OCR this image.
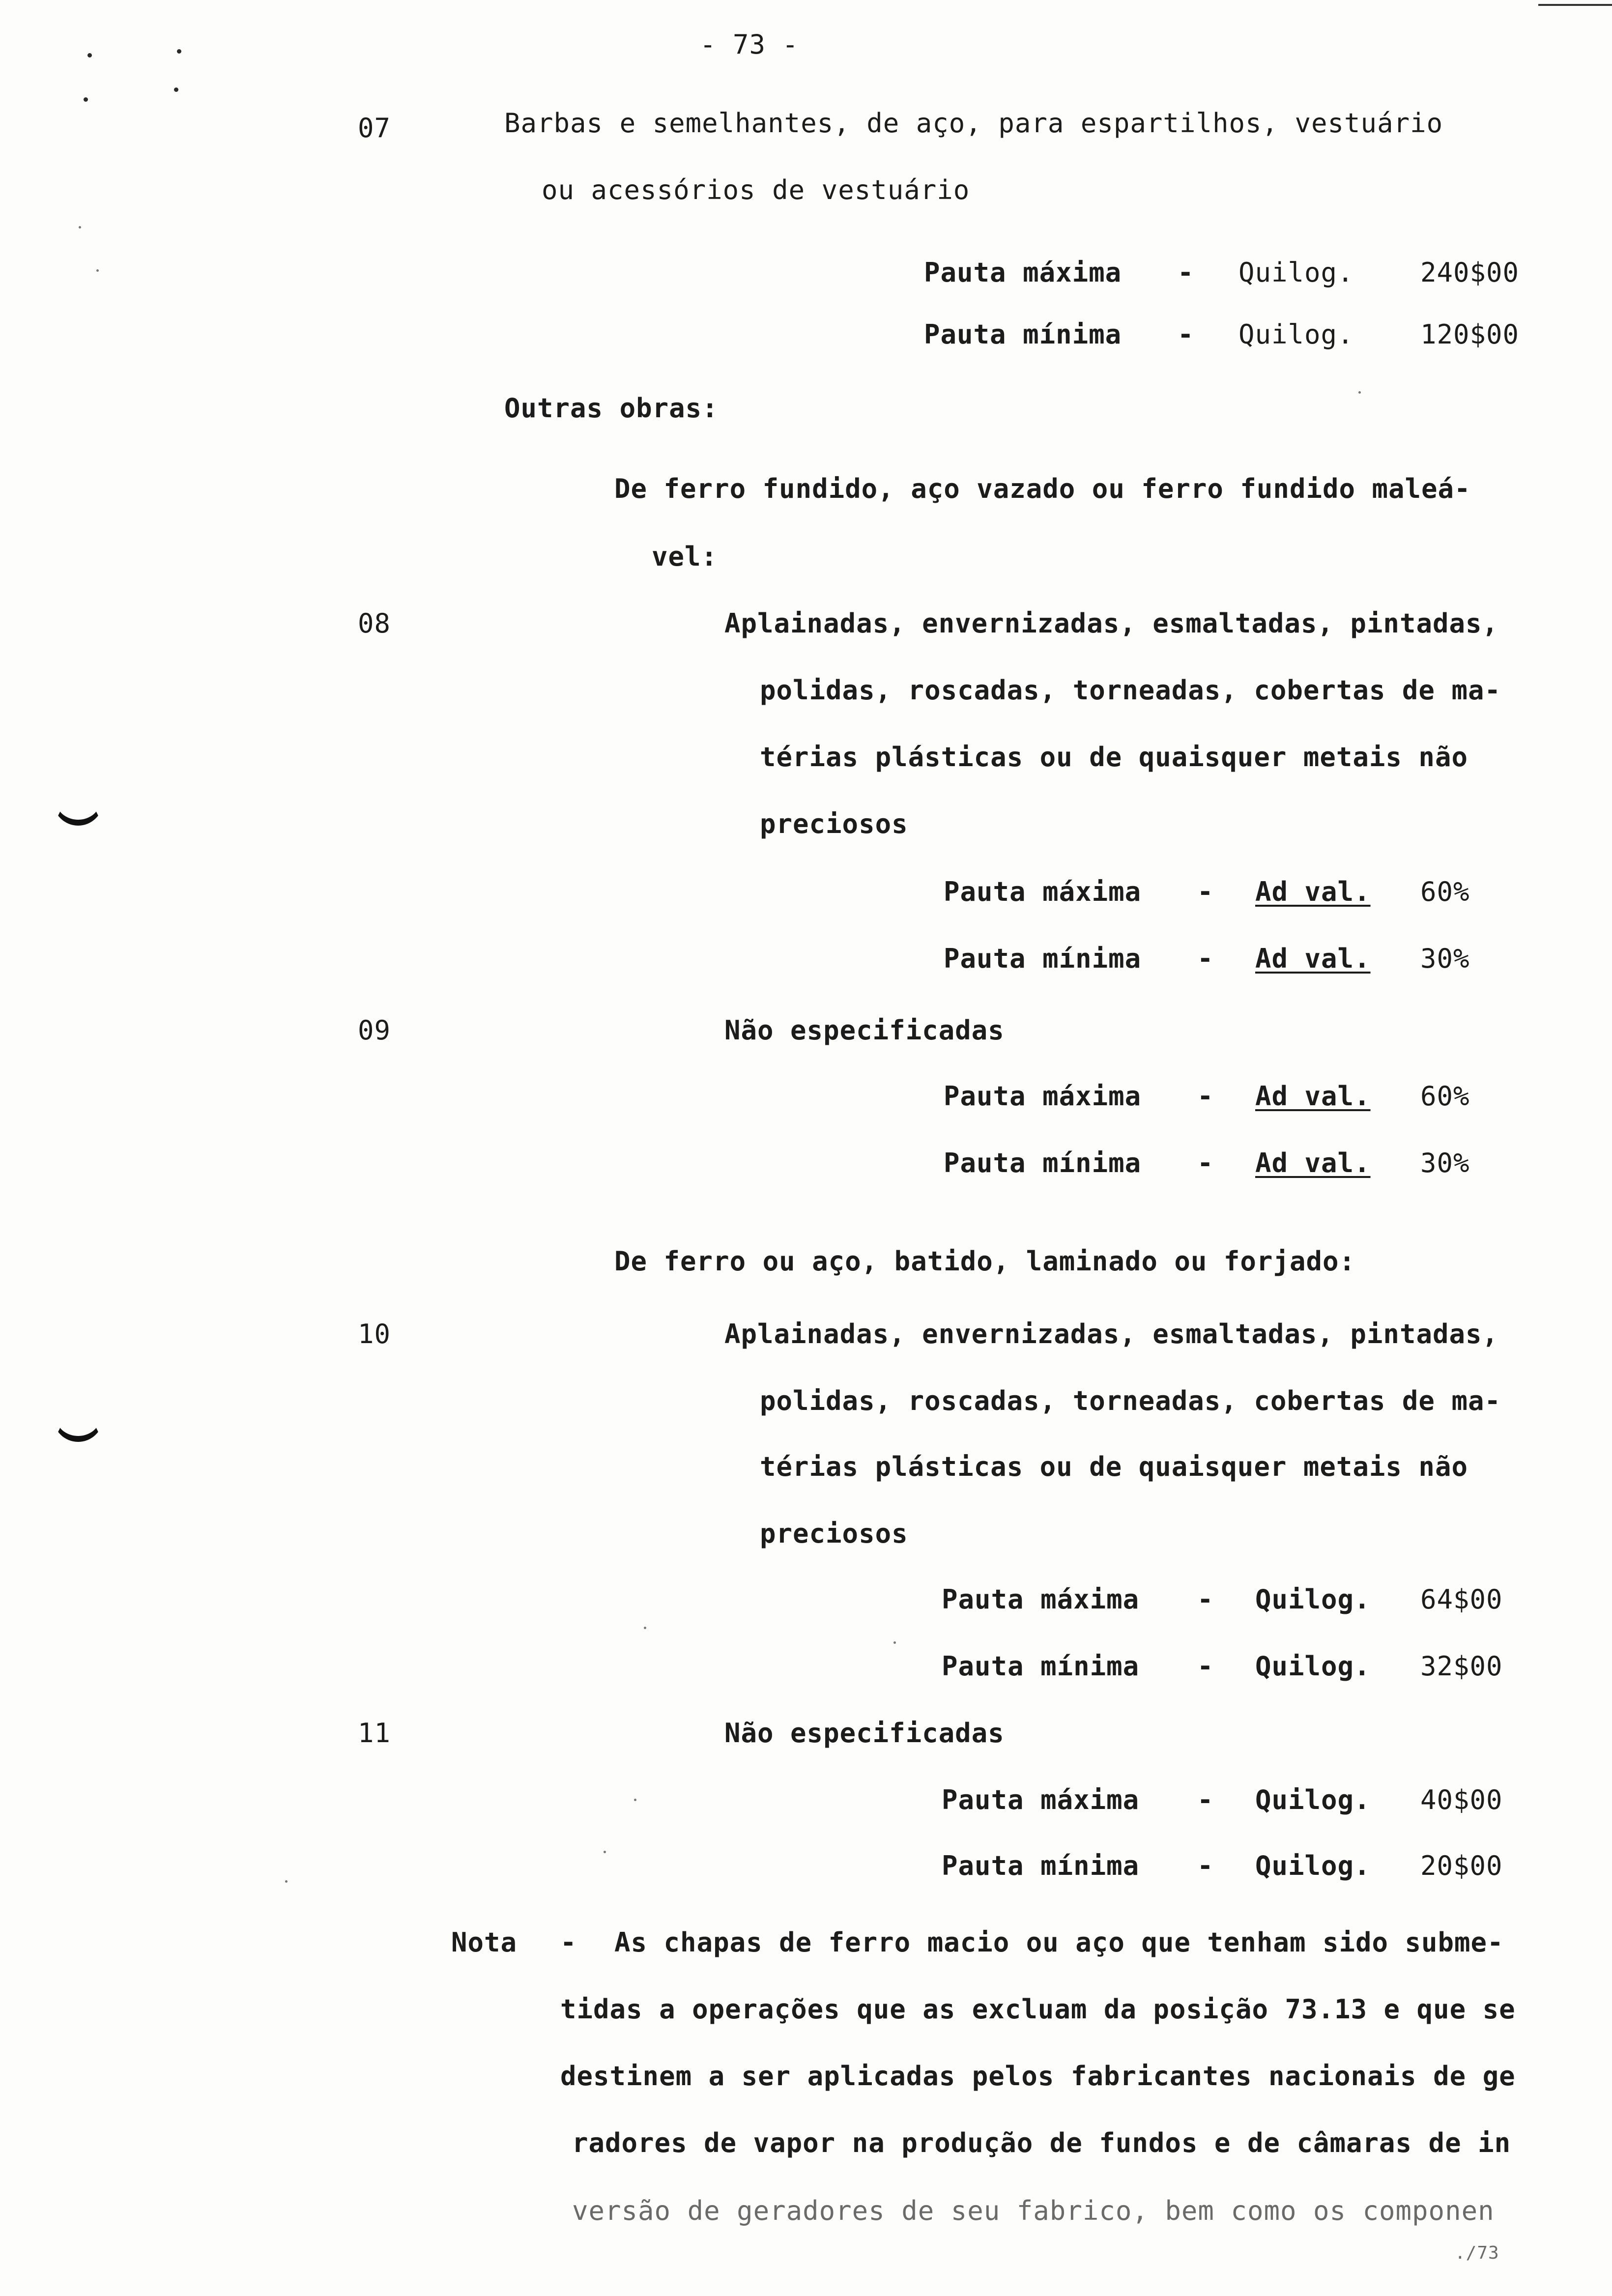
- 73 -
07	Barbas e semelhantes, de aço, para espartilhos, vestuário
ou acessórios de vestuário
Pauta máxima - Quilog.	240$00
Pauta mínima - Quilog.	120$00
Outras obras:
De ferro fundido, aço vazado ou ferro fundido maleá-
vel:
08	Aplainadas, envernizadas, esmaltadas, pintadas,
polidas, roscadas, torneadas, cobertas de ma-
térias plásticas ou de quaisquer metais não
preciosos
Pauta máxima - Ad val. 60%
Pauta mínima - Ad val. 30%
09	Não especificadas
Pauta máxima - Ad val. 60%
Pauta mínima - Ad val. 30%
De ferro ou aço, batido, laminado ou forjado:
10	Aplainadas, envernizadas, esmaltadas, pintadas,
polidas, roscadas, torneadas, cobertas de ma-
térias plásticas ou de quaisquer metais não
preciosos
Pauta máxima - Quilog. 64$00
Pauta mínima - Quilog. 32$00
11	Não especificadas
Pauta máxima - Quilog. 40$00
Pauta mínima - Quilog. 20$00
Nota - As chapas de ferro macio ou aço que tenham sido subme-
tidas a operações que as excluam da posição 73.13 e que se
destinem a ser aplicadas pelos fabricantes nacionais de ge
radores de vapor na produção de fundos e de câmaras de in
versão de geradores de seu fabrico, bem como os componen
./73
